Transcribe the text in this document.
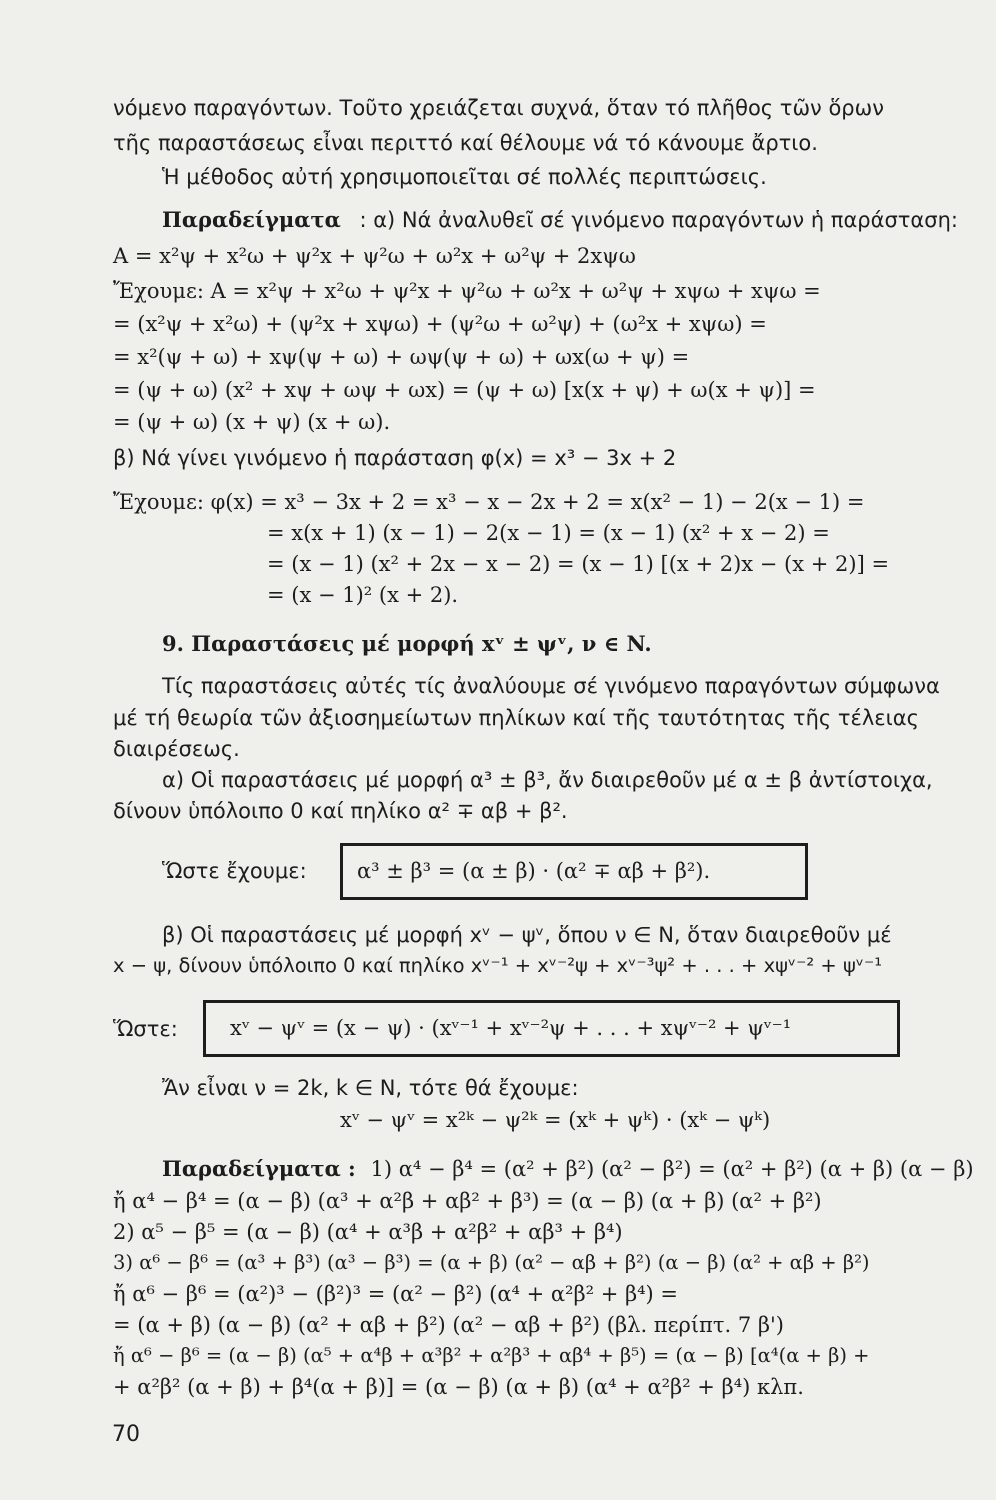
νόμενο παραγόντων. Τοῦτο χρειάζεται συχνά, ὅταν τό πλῆθος τῶν ὅρων
τῆς παραστάσεως εἶναι περιττό καί θέλουμε νά τό κάνουμε ἄρτιο.
Ἡ μέθοδος αὐτή χρησιμοποιεῖται σέ πολλές περιπτώσεις.
Παραδείγματα : α) Νά ἀναλυθεῖ σέ γινόμενο παραγόντων ἡ παράσταση:
A = x²ψ + x²ω + ψ²x + ψ²ω + ω²x + ω²ψ + 2xψω
Ἔχουμε: A = x²ψ + x²ω + ψ²x + ψ²ω + ω²x + ω²ψ + xψω + xψω =
= (x²ψ + x²ω) + (ψ²x + xψω) + (ψ²ω + ω²ψ) + (ω²x + xψω) =
= x²(ψ + ω) + xψ(ψ + ω) + ωψ(ψ + ω) + ωx(ω + ψ) =
= (ψ + ω) (x² + xψ + ωψ + ωx) = (ψ + ω) [x(x + ψ) + ω(x + ψ)] =
= (ψ + ω) (x + ψ) (x + ω).
β) Νά γίνει γινόμενο ἡ παράσταση φ(x) = x³ − 3x + 2
Ἔχουμε: φ(x) = x³ − 3x + 2 = x³ − x − 2x + 2 = x(x² − 1) − 2(x − 1) =
= x(x + 1) (x − 1) − 2(x − 1) = (x − 1) (x² + x − 2) =
= (x − 1) (x² + 2x − x − 2) = (x − 1) [(x + 2)x − (x + 2)] =
= (x − 1)² (x + 2).
9. Παραστάσεις μέ μορφή xᵛ ± ψᵛ, ν ∈ N.
Τίς παραστάσεις αὐτές τίς ἀναλύουμε σέ γινόμενο παραγόντων σύμφωνα
μέ τή θεωρία τῶν ἀξιοσημείωτων πηλίκων καί τῆς ταυτότητας τῆς τέλειας
διαιρέσεως.
α) Οἱ παραστάσεις μέ μορφή α³ ± β³, ἄν διαιρεθοῦν μέ α ± β ἀντίστοιχα,
δίνουν ὑπόλοιπο 0 καί πηλίκο α² ∓ αβ + β².
Ὥστε ἔχουμε:	α³ ± β³ = (α ± β) · (α² ∓ αβ + β²).
β) Οἱ παραστάσεις μέ μορφή xᵛ − ψᵛ, ὅπου ν ∈ N, ὅταν διαιρεθοῦν μέ
x − ψ, δίνουν ὑπόλοιπο 0 καί πηλίκο xᵛ⁻¹ + xᵛ⁻²ψ + xᵛ⁻³ψ² + . . . + xψᵛ⁻² + ψᵛ⁻¹
Ὥστε:	xᵛ − ψᵛ = (x − ψ) · (xᵛ⁻¹ + xᵛ⁻²ψ + . . . + xψᵛ⁻² + ψᵛ⁻¹
Ἄν εἶναι ν = 2k, k ∈ N, τότε θά ἔχουμε:
xᵛ − ψᵛ = x²ᵏ − ψ²ᵏ = (xᵏ + ψᵏ) · (xᵏ − ψᵏ)
Παραδείγματα : 1) α⁴ − β⁴ = (α² + β²) (α² − β²) = (α² + β²) (α + β) (α − β)
ἤ α⁴ − β⁴ = (α − β) (α³ + α²β + αβ² + β³) = (α − β) (α + β) (α² + β²)
2) α⁵ − β⁵ = (α − β) (α⁴ + α³β + α²β² + αβ³ + β⁴)
3) α⁶ − β⁶ = (α³ + β³) (α³ − β³) = (α + β) (α² − αβ + β²) (α − β) (α² + αβ + β²)
ἤ α⁶ − β⁶ = (α²)³ − (β²)³ = (α² − β²) (α⁴ + α²β² + β⁴) =
= (α + β) (α − β) (α² + αβ + β²) (α² − αβ + β²) (βλ. περίπτ. 7 β')
ἤ α⁶ − β⁶ = (α − β) (α⁵ + α⁴β + α³β² + α²β³ + αβ⁴ + β⁵) = (α − β) [α⁴(α + β) +
+ α²β² (α + β) + β⁴(α + β)] = (α − β) (α + β) (α⁴ + α²β² + β⁴) κλπ.
70
